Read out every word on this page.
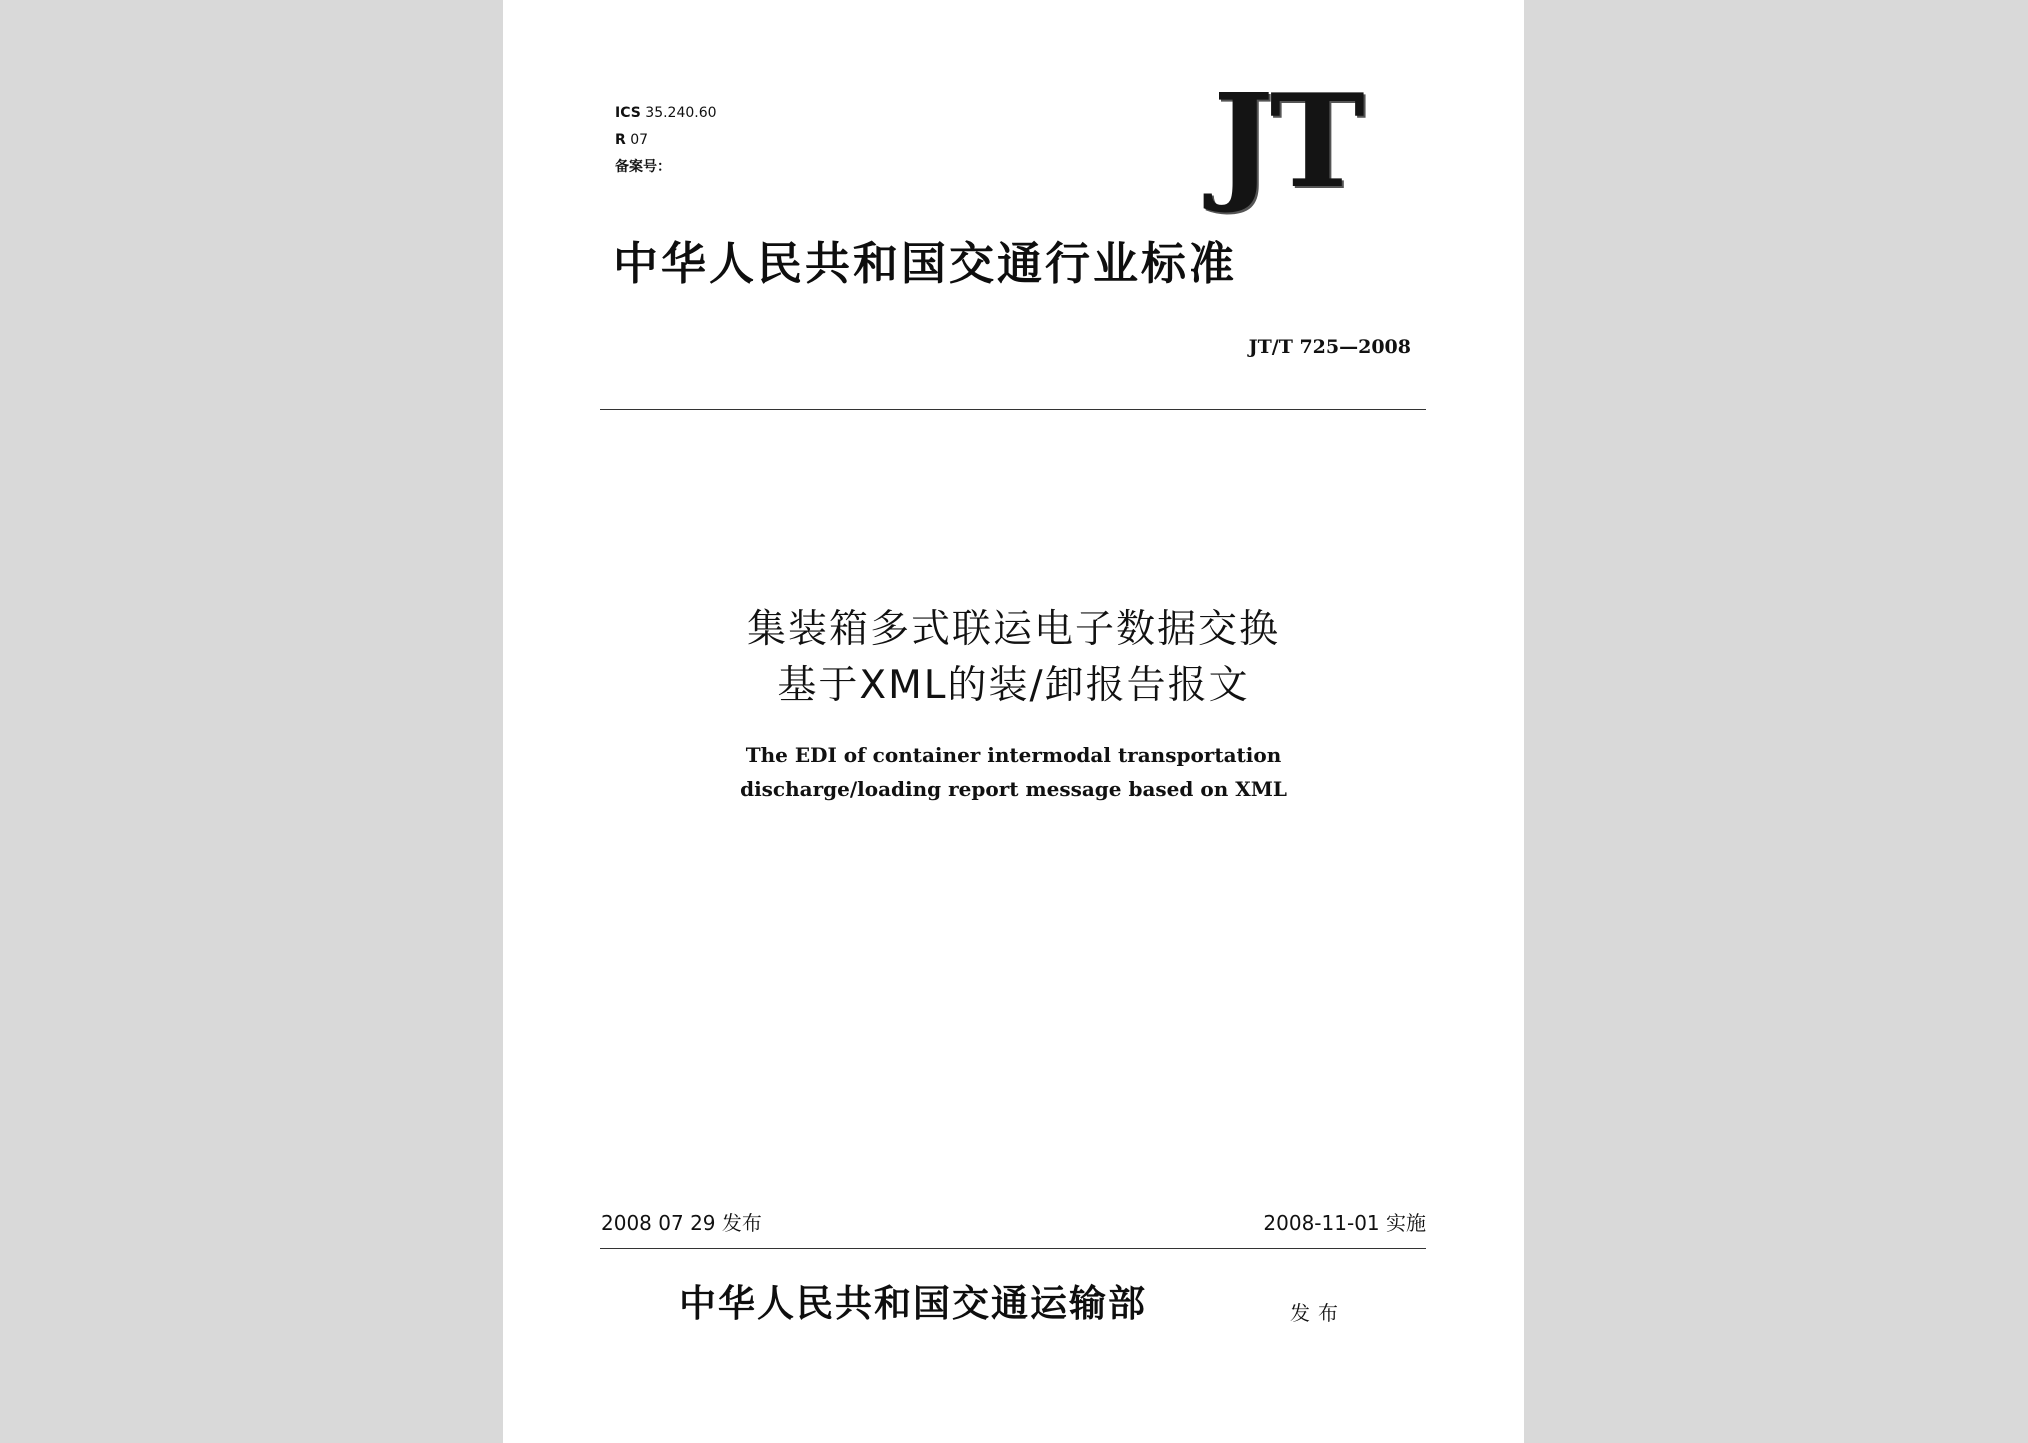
ICS 35.240.60
R 07
备案号：	JT
中华人民共和国交通行业标准
JT/T 725—2008
集装箱多式联运电子数据交换
基于XML的装/卸报告报文
The EDI of container intermodal transportation
discharge/loading report message based on XML
2008 07 29 发布	2008-11-01 实施
中华人民共和国交通运输部	发布
